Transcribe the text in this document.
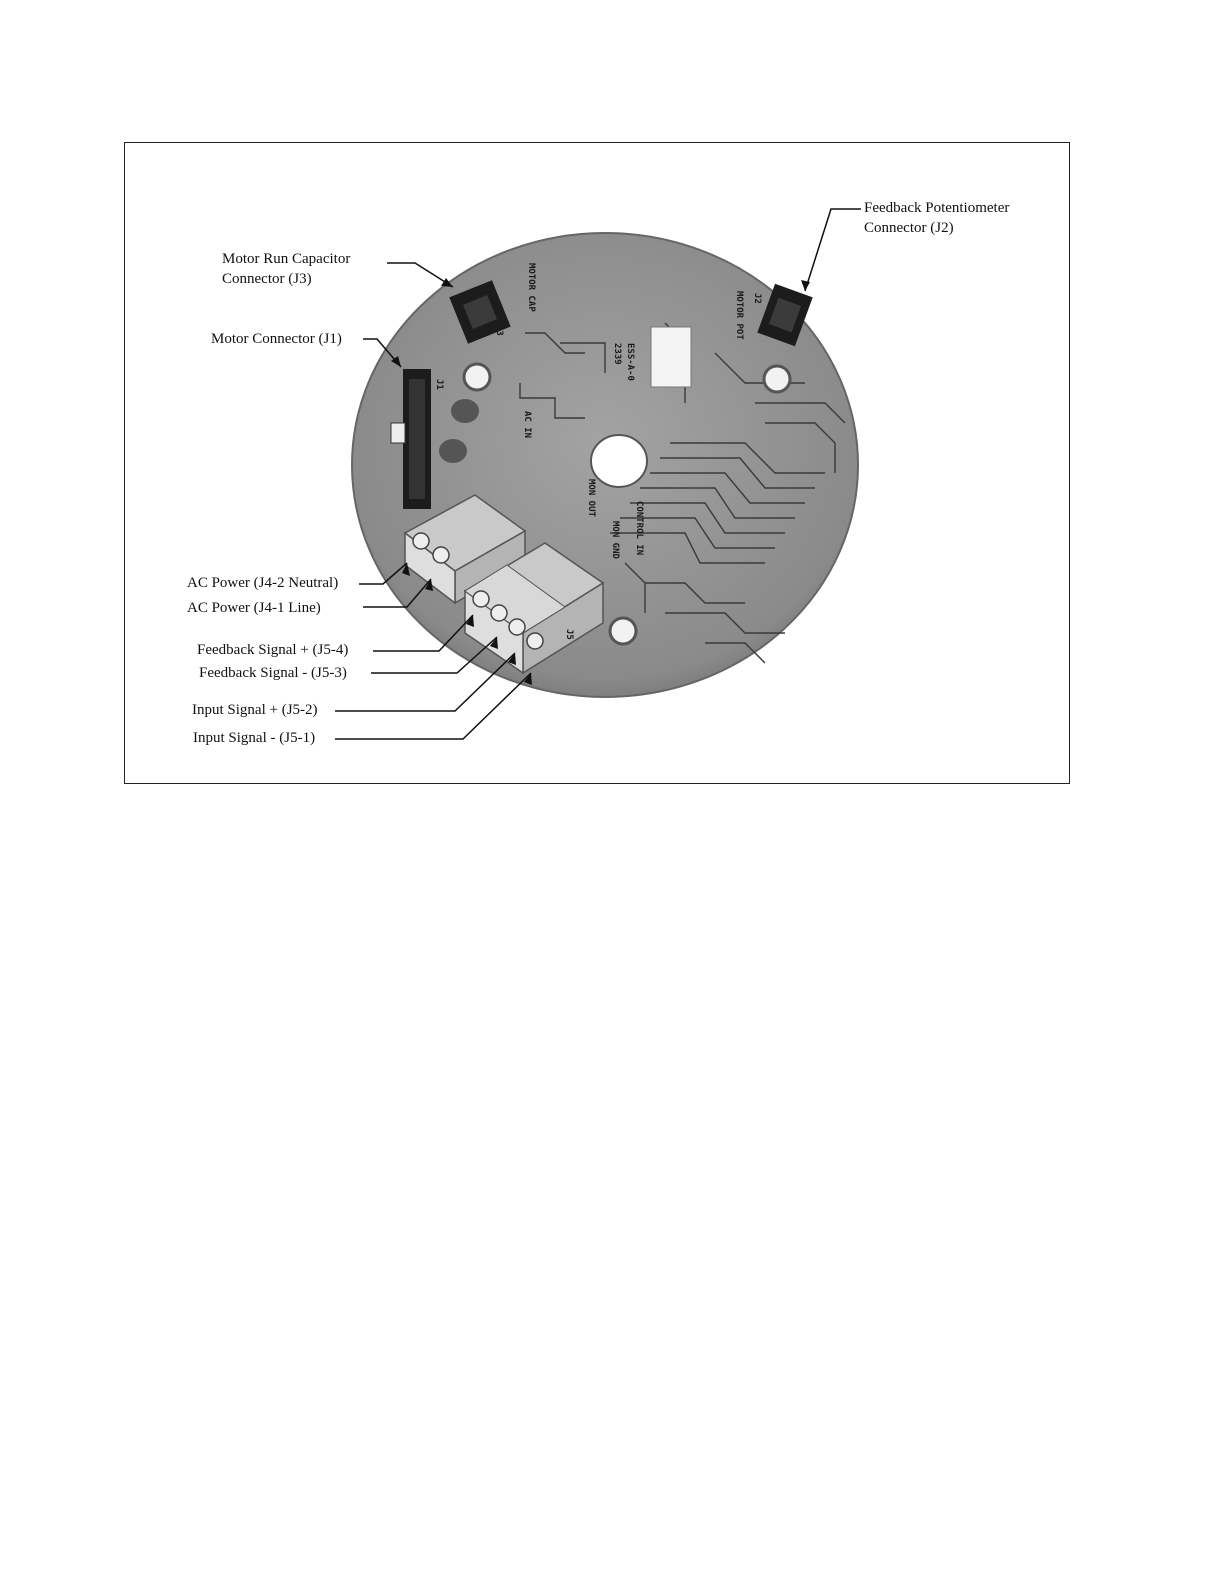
ESS-A-0
2339
MOTOR CAP
J3	MOTOR POT J2
J1
AC IN
MON OUT
MON GND CONTROL IN
J5
Motor Run Capacitor
Connector (J3)
Motor Connector (J1)
Feedback Potentiometer
Connector (J2)
AC Power (J4-2 Neutral)
AC Power (J4-1 Line)
Feedback Signal + (J5-4)
Feedback Signal - (J5-3)
Input Signal + (J5-2)
Input Signal - (J5-1)
